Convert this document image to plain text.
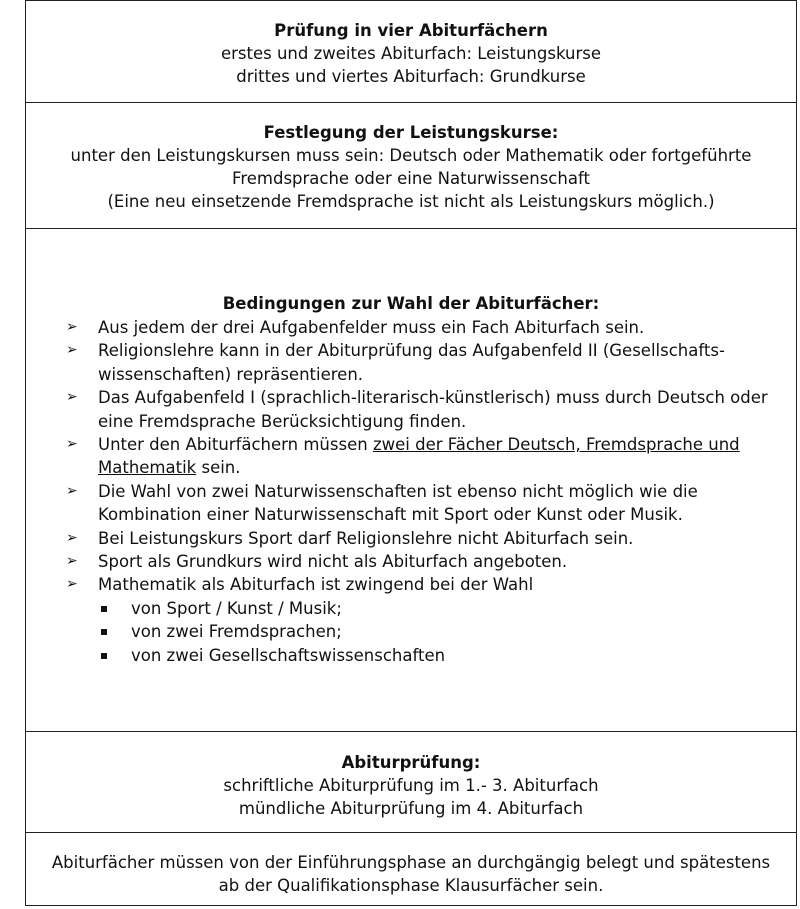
Prüfung in vier Abiturfächern
erstes und zweites Abiturfach: Leistungskurse
drittes und viertes Abiturfach: Grundkurse
Festlegung der Leistungskurse:
unter den Leistungskursen muss sein: Deutsch oder Mathematik oder fortgeführte
Fremdsprache oder eine Naturwissenschaft
(Eine neu einsetzende Fremdsprache ist nicht als Leistungskurs möglich.)
Bedingungen zur Wahl der Abiturfächer:
➢ Aus jedem der drei Aufgabenfelder muss ein Fach Abiturfach sein.
➢ Religionslehre kann in der Abiturprüfung das Aufgabenfeld II (Gesellschafts-wissenschaften) repräsentieren.
➢ Das Aufgabenfeld I (sprachlich-literarisch-künstlerisch) muss durch Deutsch oder eine Fremdsprache Berücksichtigung finden.
➢ Unter den Abiturfächern müssen zwei der Fächer Deutsch, Fremdsprache und Mathematik sein.
➢ Die Wahl von zwei Naturwissenschaften ist ebenso nicht möglich wie die Kombination einer Naturwissenschaft mit Sport oder Kunst oder Musik.
➢ Bei Leistungskurs Sport darf Religionslehre nicht Abiturfach sein.
➢ Sport als Grundkurs wird nicht als Abiturfach angeboten.
➢ Mathematik als Abiturfach ist zwingend bei der Wahl
von Sport / Kunst / Musik;
von zwei Fremdsprachen;
von zwei Gesellschaftswissenschaften
Abiturprüfung:
schriftliche Abiturprüfung im 1.- 3. Abiturfach
mündliche Abiturprüfung im 4. Abiturfach
Abiturfächer müssen von der Einführungsphase an durchgängig belegt und spätestens
ab der Qualifikationsphase Klausurfächer sein.
